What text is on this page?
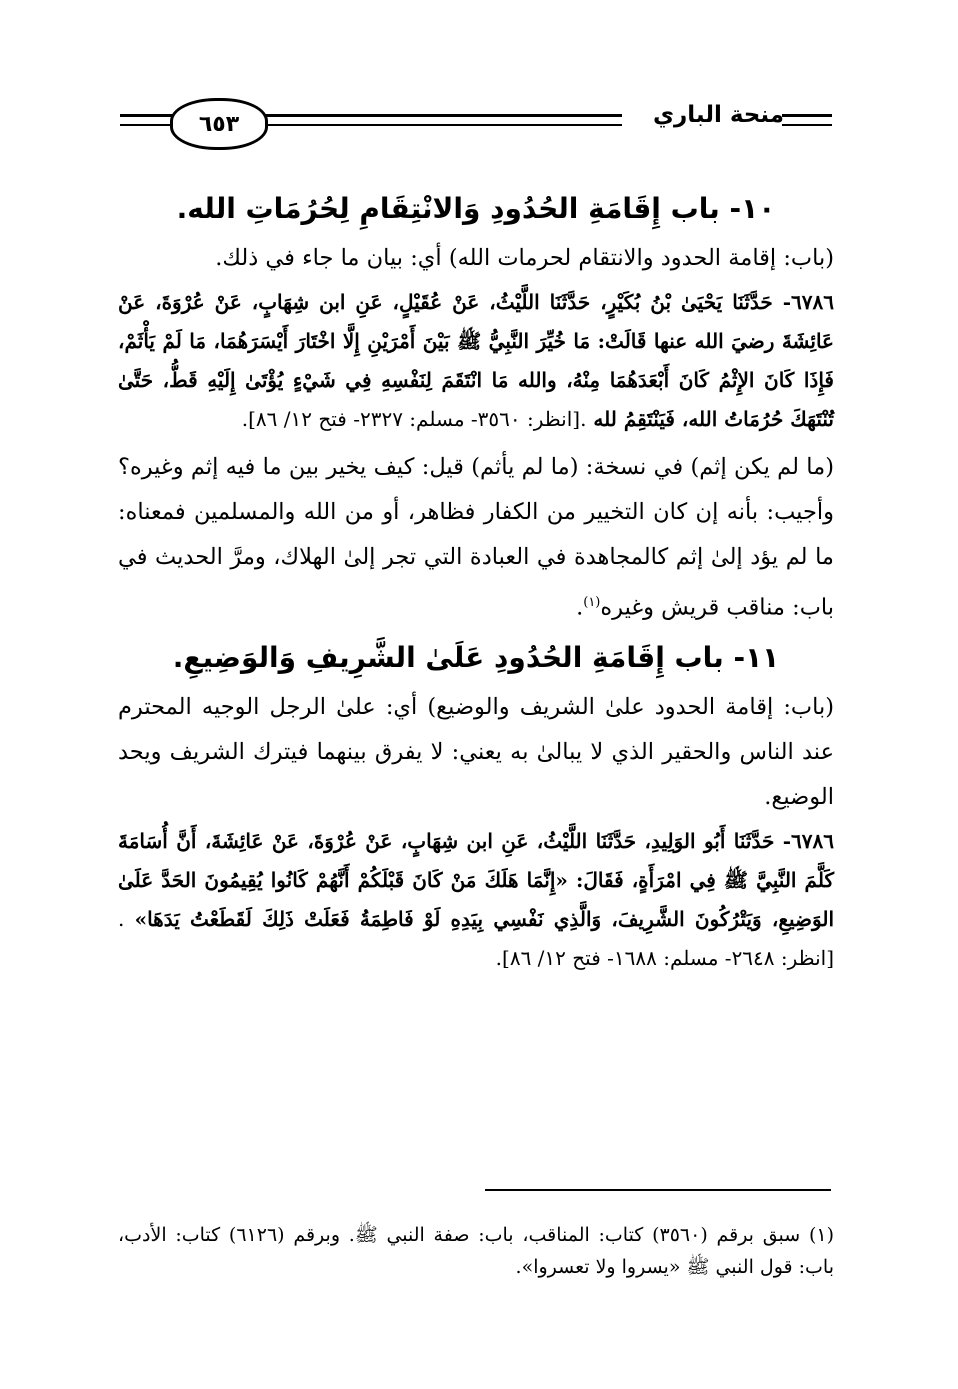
٦٥٣	منحة الباري
١٠- باب إِقَامَةِ الحُدُودِ وَالانْتِقَامِ لِحُرُمَاتِ الله.

(باب: إقامة الحدود والانتقام لحرمات الله) أي: بيان ما جاء في ذلك.

٦٧٨٦- حَدَّثَنَا يَحْيَىٰ بْنُ بُكَيْرٍ، حَدَّثَنَا اللَّيْثُ، عَنْ عُقَيْلٍ، عَنِ ابن شِهَابٍ، عَنْ عُرْوَةَ، عَنْ عَائِشَةَ رضيَ الله عنها قَالَتْ: مَا خُيِّرَ النَّبِيُّ ﷺ بَيْنَ أَمْرَيْنِ إِلَّا اخْتَارَ أَيْسَرَهُمَا، مَا لَمْ يَأْثَمْ، فَإِذَا كَانَ الإِثْمُ كَانَ أَبْعَدَهُمَا مِنْهُ، والله مَا انْتَقَمَ لِنَفْسِهِ فِي شَيْءٍ يُؤْتَىٰ إِلَيْهِ قَطُّ، حَتَّىٰ تُنْتَهَكَ حُرُمَاتُ الله، فَيَنْتَقِمُ لله .[انظر: ٣٥٦٠- مسلم: ٢٣٢٧- فتح ١٢/ ٨٦].

(ما لم يكن إثم) في نسخة: (ما لم يأثم) قيل: كيف يخير بين ما فيه إثم وغيره؟ وأجيب: بأنه إن كان التخيير من الكفار فظاهر، أو من الله والمسلمين فمعناه: ما لم يؤد إلىٰ إثم كالمجاهدة في العبادة التي تجر إلىٰ الهلاك، ومرَّ الحديث في باب: مناقب قريش وغيره$^{(١)}$.

١١- باب إِقَامَةِ الحُدُودِ عَلَىٰ الشَّرِيفِ وَالوَضِيعِ.

(باب: إقامة الحدود علىٰ الشريف والوضيع) أي: علىٰ الرجل الوجيه المحترم عند الناس والحقير الذي لا يبالىٰ به يعني: لا يفرق بينهما فيترك الشريف ويحد الوضيع.

٦٧٨٦- حَدَّثَنَا أَبُو الوَلِيدِ، حَدَّثَنَا اللَّيْثُ، عَنِ ابن شِهَابٍ، عَنْ عُرْوَةَ، عَنْ عَائِشَةَ، أَنَّ أُسَامَةَ كَلَّمَ النَّبِيَّ ﷺ فِي امْرَأَةٍ، فَقَالَ: «إِنَّمَا هَلَكَ مَنْ كَانَ قَبْلَكُمْ أَنَّهُمْ كَانُوا يُقِيمُونَ الحَدَّ عَلَىٰ الوَضِيعِ، وَيَتْرُكُونَ الشَّرِيفَ، وَالَّذِي نَفْسِي بِيَدِهِ لَوْ فَاطِمَةُ فَعَلَتْ ذَلِكَ لَقَطَعْتُ يَدَهَا» .[انظر: ٢٦٤٨- مسلم: ١٦٨٨- فتح ١٢/ ٨٦].

(١) سبق برقم (٣٥٦٠) كتاب: المناقب، باب: صفة النبي ﷺ. وبرقم (٦١٢٦) كتاب: الأدب، باب: قول النبي ﷺ «يسروا ولا تعسروا».
